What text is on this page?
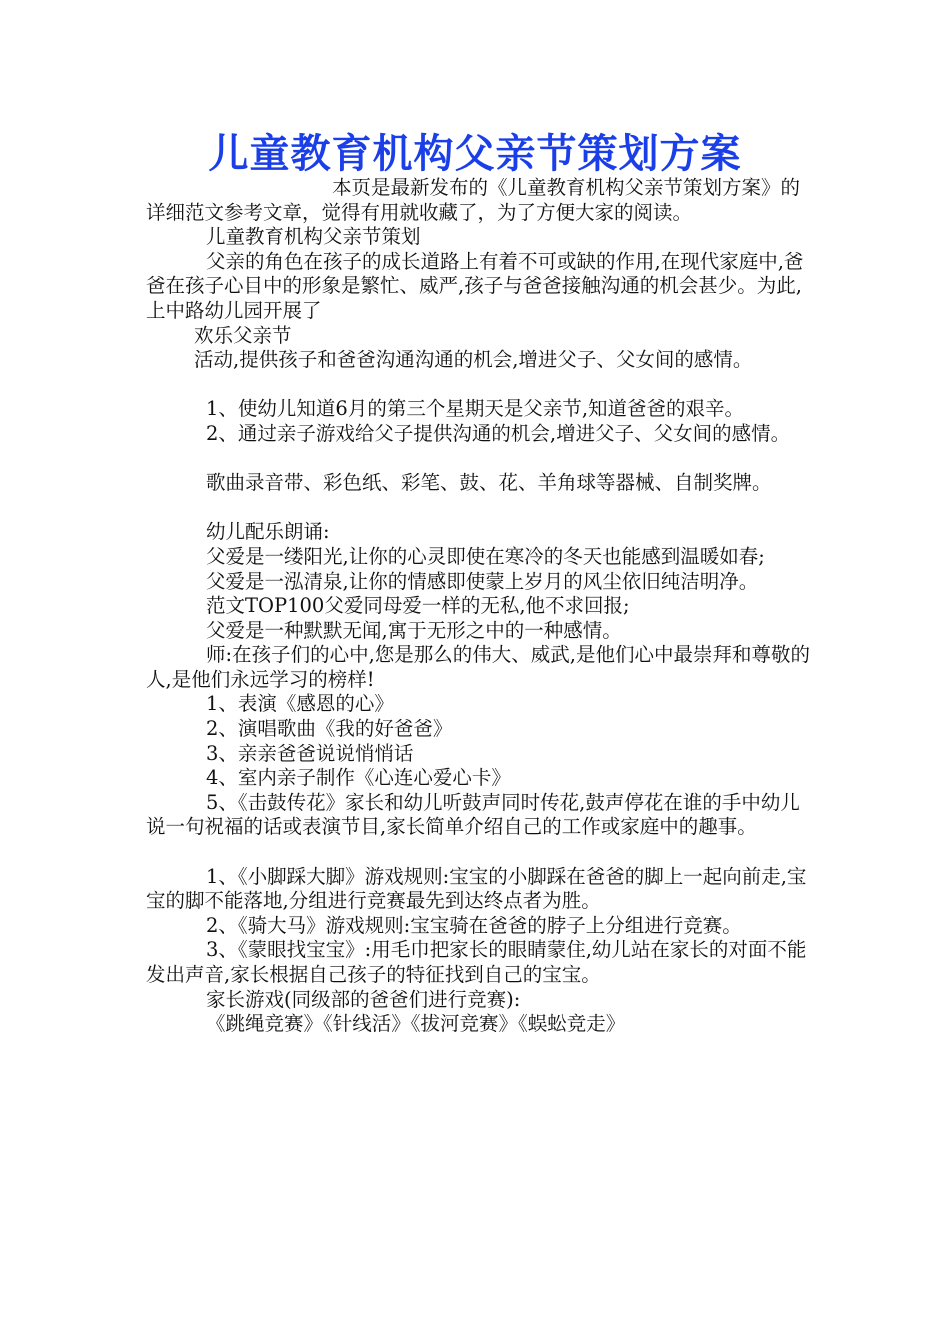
儿童教育机构父亲节策划方案

本页是最新发布的《儿童教育机构父亲节策划方案》的详细范文参考文章，觉得有用就收藏了，为了方便大家的阅读。

儿童教育机构父亲节策划

父亲的角色在孩子的成长道路上有着不可或缺的作用,在现代家庭中,爸爸在孩子心目中的形象是繁忙、威严,孩子与爸爸接触沟通的机会甚少。为此,上中路幼儿园开展了

欢乐父亲节

活动,提供孩子和爸爸沟通沟通的机会,增进父子、父女间的感情。

1、使幼儿知道6月的第三个星期天是父亲节,知道爸爸的艰辛。

2、通过亲子游戏给父子提供沟通的机会,增进父子、父女间的感情。

歌曲录音带、彩色纸、彩笔、鼓、花、羊角球等器械、自制奖牌。

幼儿配乐朗诵:

父爱是一缕阳光,让你的心灵即使在寒冷的冬天也能感到温暖如春;

父爱是一泓清泉,让你的情感即使蒙上岁月的风尘依旧纯洁明净。

范文TOP100父爱同母爱一样的无私,他不求回报;

父爱是一种默默无闻,寓于无形之中的一种感情。

师:在孩子们的心中,您是那么的伟大、威武,是他们心中最崇拜和尊敬的人,是他们永远学习的榜样!

1、表演《感恩的心》

2、演唱歌曲《我的好爸爸》

3、亲亲爸爸说说悄悄话

4、室内亲子制作《心连心爱心卡》

5、《击鼓传花》家长和幼儿听鼓声同时传花,鼓声停花在谁的手中幼儿说一句祝福的话或表演节目,家长简单介绍自己的工作或家庭中的趣事。

1、《小脚踩大脚》游戏规则:宝宝的小脚踩在爸爸的脚上一起向前走,宝宝的脚不能落地,分组进行竞赛最先到达终点者为胜。

2、《骑大马》游戏规则:宝宝骑在爸爸的脖子上分组进行竞赛。

3、《蒙眼找宝宝》:用毛巾把家长的眼睛蒙住,幼儿站在家长的对面不能发出声音,家长根据自己孩子的特征找到自己的宝宝。

家长游戏(同级部的爸爸们进行竞赛):

《跳绳竞赛》《针线活》《拔河竞赛》《蜈蚣竞走》
